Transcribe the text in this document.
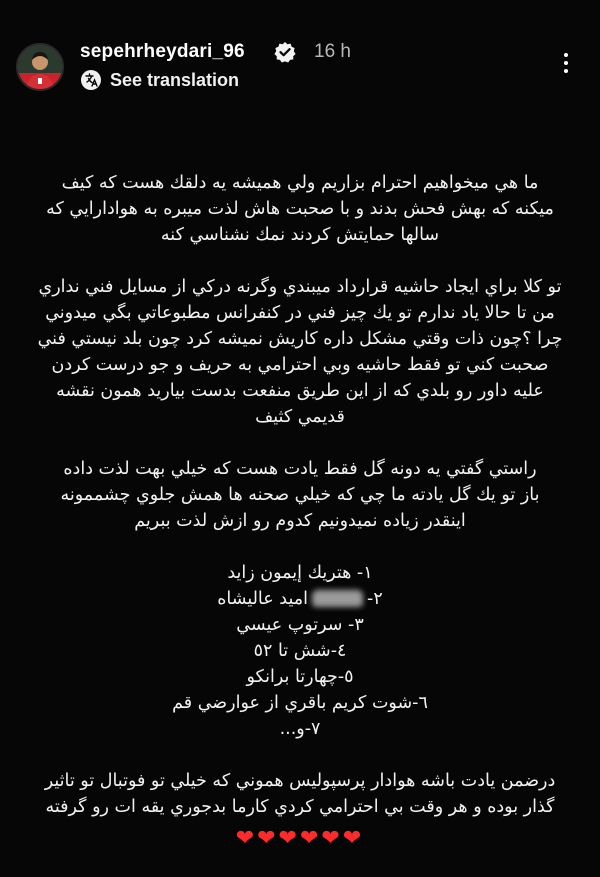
sepehrheydari_96	16 h
See translation

ما هي ميخواهيم احترام بزاريم ولي هميشه يه دلقك هست كه كيف

ميكنه كه بهش فحش بدند و با صحبت هاش لذت ميبره به هوادارايي كه

سالها حمايتش كردند نمك نشناسي كنه

تو كلا براي ايجاد حاشيه قرارداد ميبندي وگرنه دركي از مسايل فني نداري

من تا حالا ياد ندارم تو يك چيز فني در كنفرانس مطبوعاتي بگي ميدوني

چرا ؟چون ذات وقتي مشكل داره كاريش نميشه كرد چون بلد نيستي فني

صحبت كني تو فقط حاشيه وبي احترامي به حريف و جو درست كردن

عليه داور رو بلدي كه از اين طريق منفعت بدست بياريد همون نقشه

قديمي كثيف

راستي گفتي يه دونه گل فقط يادت هست كه خيلي بهت لذت داده

باز تو يك گل يادته ما چي كه خيلي صحنه ها همش جلوي چشممونه

اينقدر زياده نميدونيم كدوم رو ازش لذت ببريم

١- هتريك إيمون زايد

٢-████اميد عاليشاه

٣- سرتوپ عيسي

٤-شش تا ٥٢

٥-چهارتا برانكو

٦-شوت كريم باقري از عوارضي قم

٧-و...

درضمن يادت باشه هوادار پرسپوليس هموني كه خيلي تو فوتبال تو تاثير

گذار بوده و هر وقت بي احترامي كردي كارما بدجوري يقه ات رو گرفته

❤❤❤❤❤❤
